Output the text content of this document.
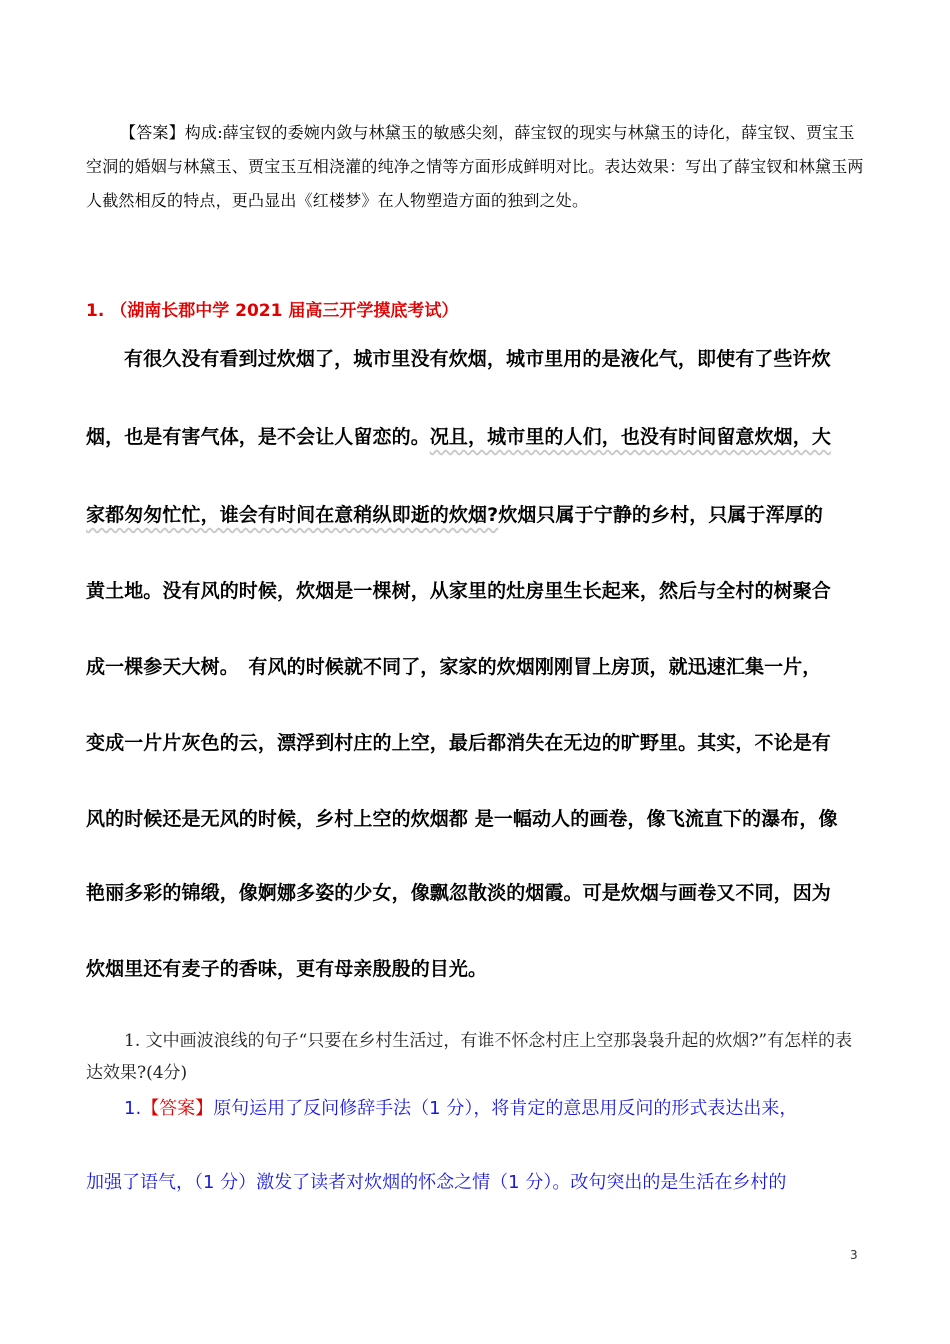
【答案】构成:薛宝钗的委婉内敛与林黛玉的敏感尖刻，薛宝钗的现实与林黛玉的诗化，薛宝钗、贾宝玉空洞的婚姻与林黛玉、贾宝玉互相浇灌的纯净之情等方面形成鲜明对比。表达效果：写出了薛宝钗和林黛玉两人截然相反的特点，更凸显出《红楼梦》在人物塑造方面的独到之处。
1. （湖南长郡中学 2021 届高三开学摸底考试）
有很久没有看到过炊烟了，城市里没有炊烟，城市里用的是液化气，即使有了些许炊
烟，也是有害气体，是不会让人留恋的。况且，城市里的人们，也没有时间留意炊烟，大
家都匆匆忙忙，谁会有时间在意稍纵即逝的炊烟?炊烟只属于宁静的乡村，只属于浑厚的
黄土地。没有风的时候，炊烟是一棵树，从家里的灶房里生长起来，然后与全村的树聚合
成一棵参天大树。　有风的时候就不同了，家家的炊烟刚刚冒上房顶，就迅速汇集一片，
变成一片片灰色的云，漂浮到村庄的上空，最后都消失在无边的旷野里。其实，不论是有
风的时候还是无风的时候，乡村上空的炊烟都 是一幅动人的画卷，像飞流直下的瀑布，像
艳丽多彩的锦缎，像婀娜多姿的少女，像飘忽散淡的烟霞。可是炊烟与画卷又不同，因为
炊烟里还有麦子的香味，更有母亲殷殷的目光。
1. 文中画波浪线的句子“只要在乡村生活过，有谁不怀念村庄上空那袅袅升起的炊烟?”有怎样的表达效果?(4分)
1.【答案】原句运用了反问修辞手法（1 分），将肯定的意思用反问的形式表达出来，
加强了语气，（1 分）激发了读者对炊烟的怀念之情（1 分）。改句突出的是生活在乡村的
3
